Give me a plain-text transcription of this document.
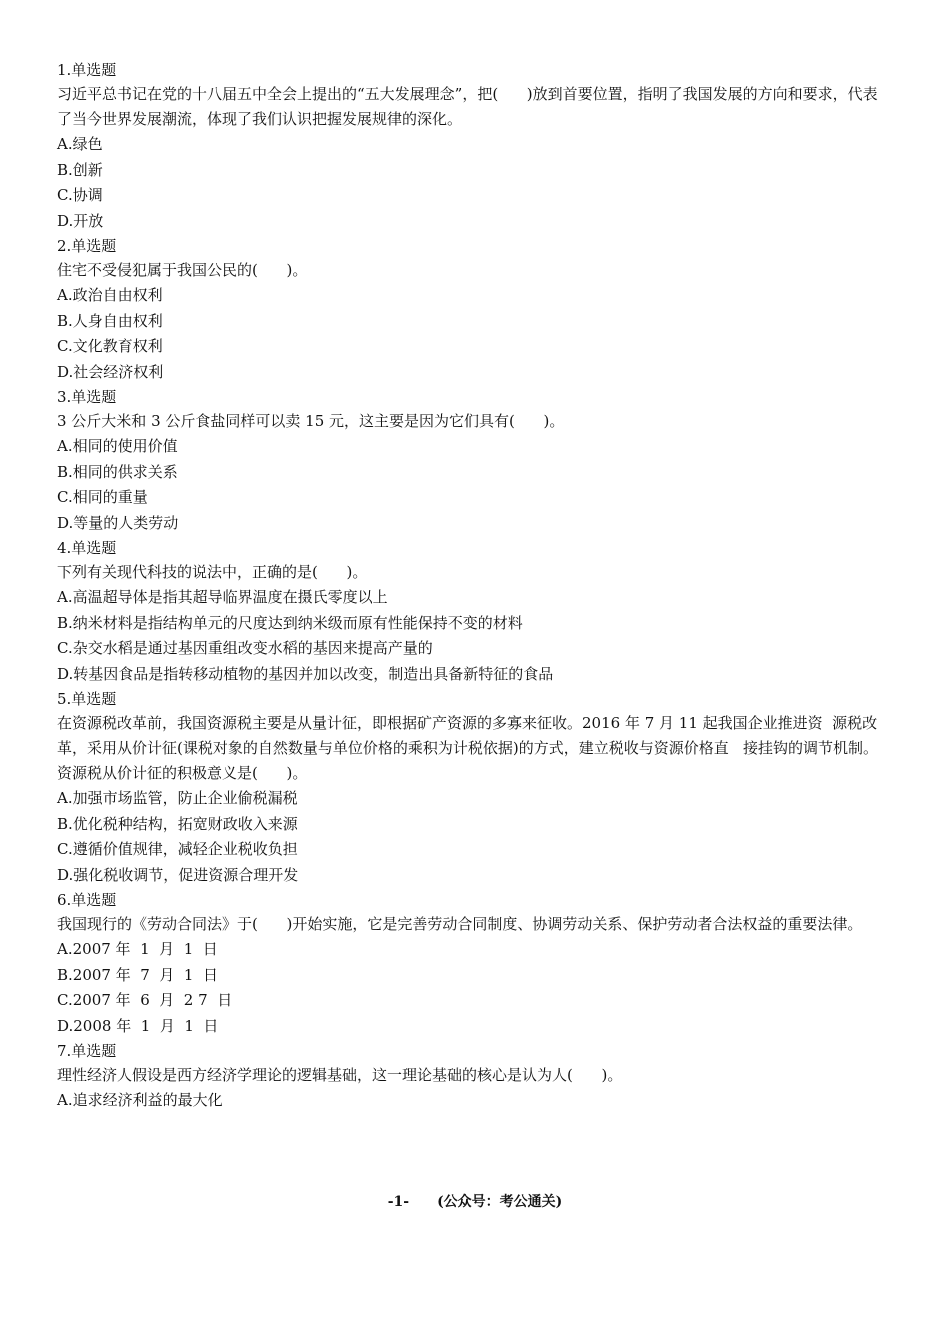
1.单选题

习近平总书记在党的十八届五中全会上提出的“五大发展理念”，把(      )放到首要位置，指明了我国发展的方向和要求，代表了当今世界发展潮流，体现了我们认识把握发展规律的深化。

A.绿色

B.创新

C.协调

D.开放

2.单选题

住宅不受侵犯属于我国公民的(      )。

A.政治自由权利

B.人身自由权利

C.文化教育权利

D.社会经济权利

3.单选题

3 公斤大米和 3 公斤食盐同样可以卖 15 元，这主要是因为它们具有(      )。

A.相同的使用价值

B.相同的供求关系

C.相同的重量

D.等量的人类劳动

4.单选题

下列有关现代科技的说法中，正确的是(      )。

A.高温超导体是指其超导临界温度在摄氏零度以上

B.纳米材料是指结构单元的尺度达到纳米级而原有性能保持不变的材料

C.杂交水稻是通过基因重组改变水稻的基因来提高产量的

D.转基因食品是指转移动植物的基因并加以改变，制造出具备新特征的食品

5.单选题

在资源税改革前，我国资源税主要是从量计征，即根据矿产资源的多寡来征收。2016 年 7 月 11 起我国企业推进资  源税改革，采用从价计征(课税对象的自然数量与单位价格的乘积为计税依据)的方式，建立税收与资源价格直   接挂钩的调节机制。资源税从价计征的积极意义是(      )。

A.加强市场监管，防止企业偷税漏税

B.优化税种结构，拓宽财政收入来源

C.遵循价值规律，减轻企业税收负担

D.强化税收调节，促进资源合理开发

6.单选题

我国现行的《劳动合同法》于(      )开始实施，它是完善劳动合同制度、协调劳动关系、保护劳动者合法权益的重要法律。

A.2007 年  1  月  1  日

B.2007 年  7  月  1  日

C.2007 年  6  月  2 7  日

D.2008 年  1  月  1  日

7.单选题

理性经济人假设是西方经济学理论的逻辑基础，这一理论基础的核心是认为人(      )。

A.追求经济利益的最大化

-1- (公众号：考公通关)
